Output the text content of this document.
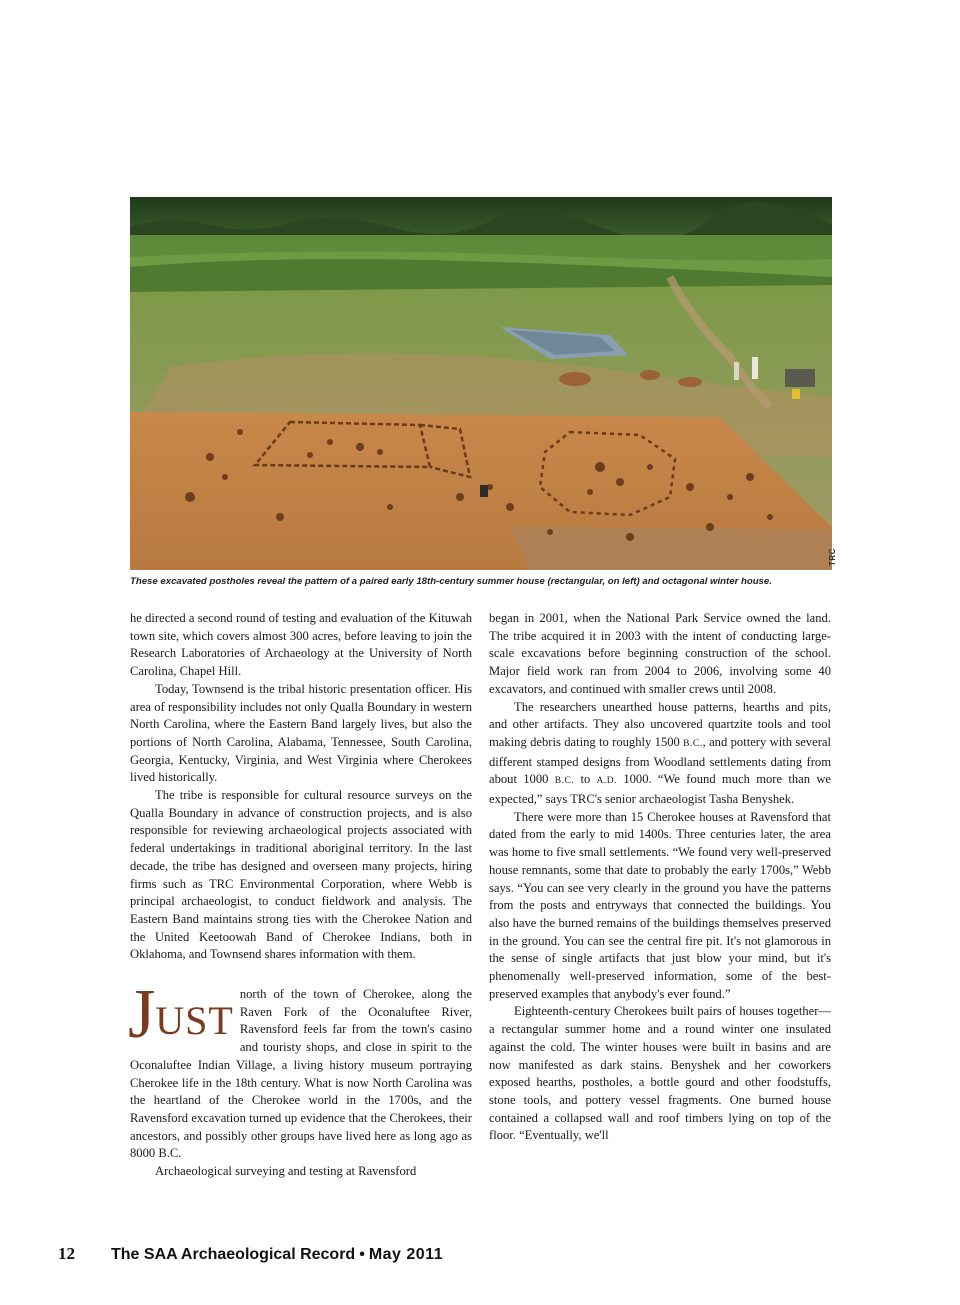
TRC
These excavated postholes reveal the pattern of a paired early 18th-century summer house (rectangular, on left) and octagonal winter house.

he directed a second round of testing and evaluation of the Kituwah town site, which covers almost 300 acres, before leaving to join the Research Laboratories of Archaeology at the University of North Carolina, Chapel Hill.

Today, Townsend is the tribal historic presentation officer. His area of responsibility includes not only Qualla Boundary in western North Carolina, where the Eastern Band largely lives, but also the portions of North Carolina, Alabama, Tennessee, South Carolina, Georgia, Kentucky, Virginia, and West Virginia where Cherokees lived historically.

The tribe is responsible for cultural resource surveys on the Qualla Boundary in advance of construction projects, and is also responsible for reviewing archaeological projects associated with federal undertakings in traditional aboriginal territory. In the last decade, the tribe has designed and overseen many projects, hiring firms such as TRC Environmental Corporation, where Webb is principal archaeologist, to conduct fieldwork and analysis. The Eastern Band maintains strong ties with the Cherokee Nation and the United Keetoowah Band of Cherokee Indians, both in Oklahoma, and Townsend shares information with them.

J UST
north of the town of Cherokee, along the Raven Fork of the Oconaluftee River, Ravensford feels far from the town's casino and touristy shops, and close in spirit to the Oconaluftee Indian Village, a living history museum portraying Cherokee life in the 18th century. What is now North Carolina was the heartland of the Cherokee world in the 1700s, and the Ravensford excavation turned up evidence that the Cherokees, their ancestors, and possibly other groups have lived here as long ago as 8000 B.C.

Archaeological surveying and testing at Ravensford

began in 2001, when the National Park Service owned the land. The tribe acquired it in 2003 with the intent of conducting large-scale excavations before beginning construction of the school. Major field work ran from 2004 to 2006, involving some 40 excavators, and continued with smaller crews until 2008.

The researchers unearthed house patterns, hearths and pits, and other artifacts. They also uncovered quartzite tools and tool making debris dating to roughly 1500 B.C., and pottery with several different stamped designs from Woodland settlements dating from about 1000 B.C. to A.D. 1000. “We found much more than we expected,” says TRC's senior archaeologist Tasha Benyshek.

There were more than 15 Cherokee houses at Ravensford that dated from the early to mid 1400s. Three centuries later, the area was home to five small settlements. “We found very well-preserved house remnants, some that date to probably the early 1700s,” Webb says. “You can see very clearly in the ground you have the patterns from the posts and entryways that connected the buildings. You also have the burned remains of the buildings themselves preserved in the ground. You can see the central fire pit. It's not glamorous in the sense of single artifacts that just blow your mind, but it's phenomenally well-preserved information, some of the best-preserved examples that anybody's ever found.”

Eighteenth-century Cherokees built pairs of houses together—a rectangular summer home and a round winter one insulated against the cold. The winter houses were built in basins and are now manifested as dark stains. Benyshek and her coworkers exposed hearths, postholes, a bottle gourd and other foodstuffs, stone tools, and pottery vessel fragments. One burned house contained a collapsed wall and roof timbers lying on top of the floor. “Eventually, we'll

12 The SAA Archaeological Record • May 2011
